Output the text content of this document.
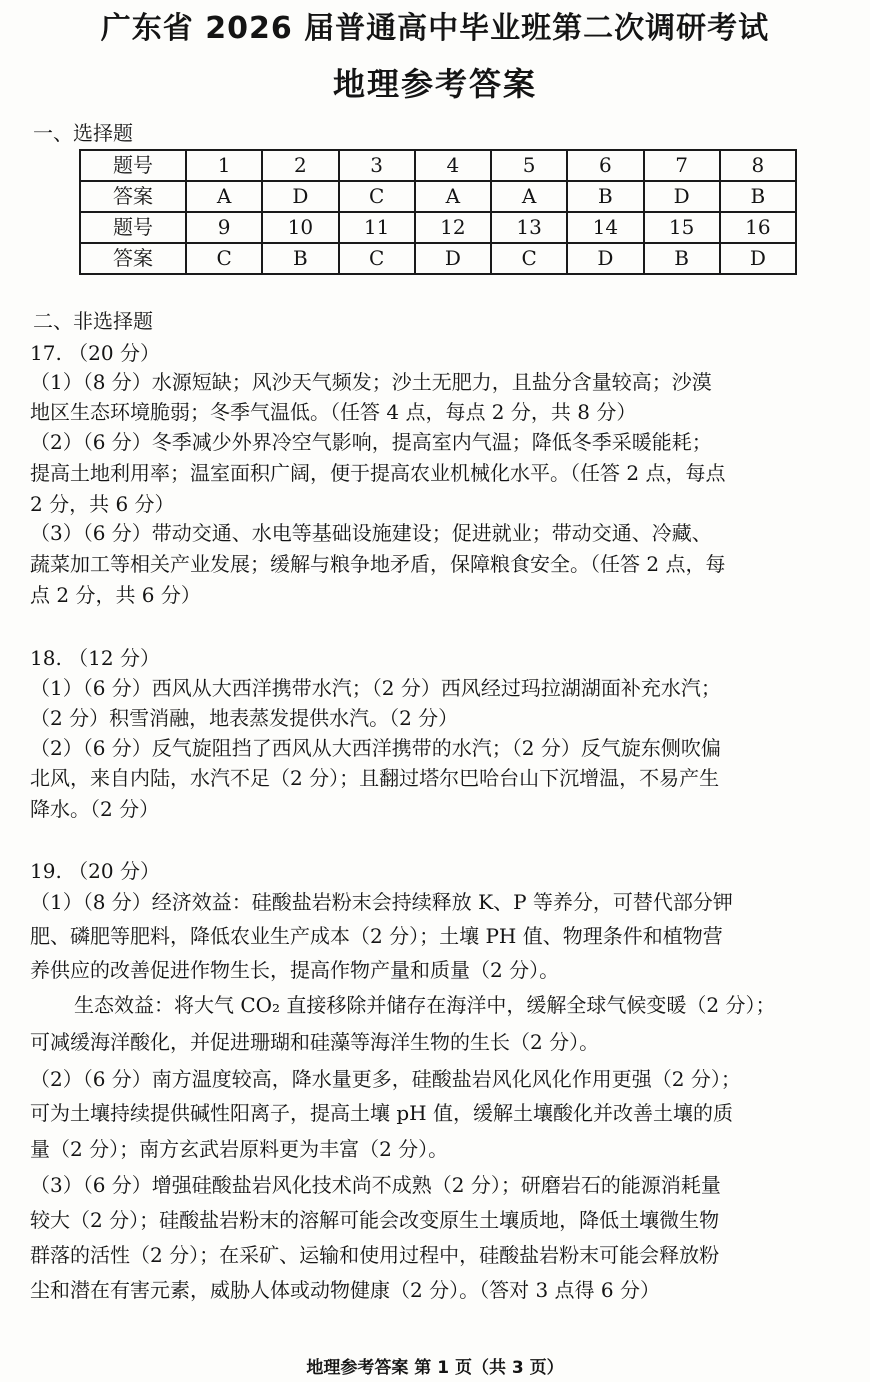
广东省 2026 届普通高中毕业班第二次调研考试
地理参考答案
一、选择题
题号	1	2	3	4	5	6	7	8
答案	A	D	C	A	A	B	D	B
题号	9	10	11	12	13	14	15	16
答案	C	B	C	D	C	D	B	D
二、非选择题
17. （20 分）
（1）（8 分）水源短缺；风沙天气频发；沙土无肥力，且盐分含量较高；沙漠
地区生态环境脆弱；冬季气温低。（任答 4 点，每点 2 分，共 8 分）
（2）（6 分）冬季减少外界冷空气影响，提高室内气温；降低冬季采暖能耗；
提高土地利用率；温室面积广阔，便于提高农业机械化水平。（任答 2 点，每点
2 分，共 6 分）
（3）（6 分）带动交通、水电等基础设施建设；促进就业；带动交通、冷藏、
蔬菜加工等相关产业发展；缓解与粮争地矛盾，保障粮食安全。（任答 2 点，每
点 2 分，共 6 分）
18. （12 分）
（1）（6 分）西风从大西洋携带水汽；（2 分）西风经过玛拉湖湖面补充水汽；
（2 分）积雪消融，地表蒸发提供水汽。（2 分）
（2）（6 分）反气旋阻挡了西风从大西洋携带的水汽；（2 分）反气旋东侧吹偏
北风，来自内陆，水汽不足（2 分）；且翻过塔尔巴哈台山下沉增温，不易产生
降水。（2 分）
19. （20 分）
（1）（8 分）经济效益：硅酸盐岩粉末会持续释放 K、P 等养分，可替代部分钾
肥、磷肥等肥料，降低农业生产成本（2 分）；土壤 PH 值、物理条件和植物营
养供应的改善促进作物生长，提高作物产量和质量（2 分）。
生态效益：将大气 CO₂ 直接移除并储存在海洋中，缓解全球气候变暖（2 分）；
可减缓海洋酸化，并促进珊瑚和硅藻等海洋生物的生长（2 分）。
（2）（6 分）南方温度较高，降水量更多，硅酸盐岩风化风化作用更强（2 分）；
可为土壤持续提供碱性阳离子，提高土壤 pH 值，缓解土壤酸化并改善土壤的质
量（2 分）；南方玄武岩原料更为丰富（2 分）。
（3）（6 分）增强硅酸盐岩风化技术尚不成熟（2 分）；研磨岩石的能源消耗量
较大（2 分）；硅酸盐岩粉末的溶解可能会改变原生土壤质地，降低土壤微生物
群落的活性（2 分）；在采矿、运输和使用过程中，硅酸盐岩粉末可能会释放粉
尘和潜在有害元素，威胁人体或动物健康（2 分）。（答对 3 点得 6 分）
地理参考答案 第 1 页（共 3 页）
